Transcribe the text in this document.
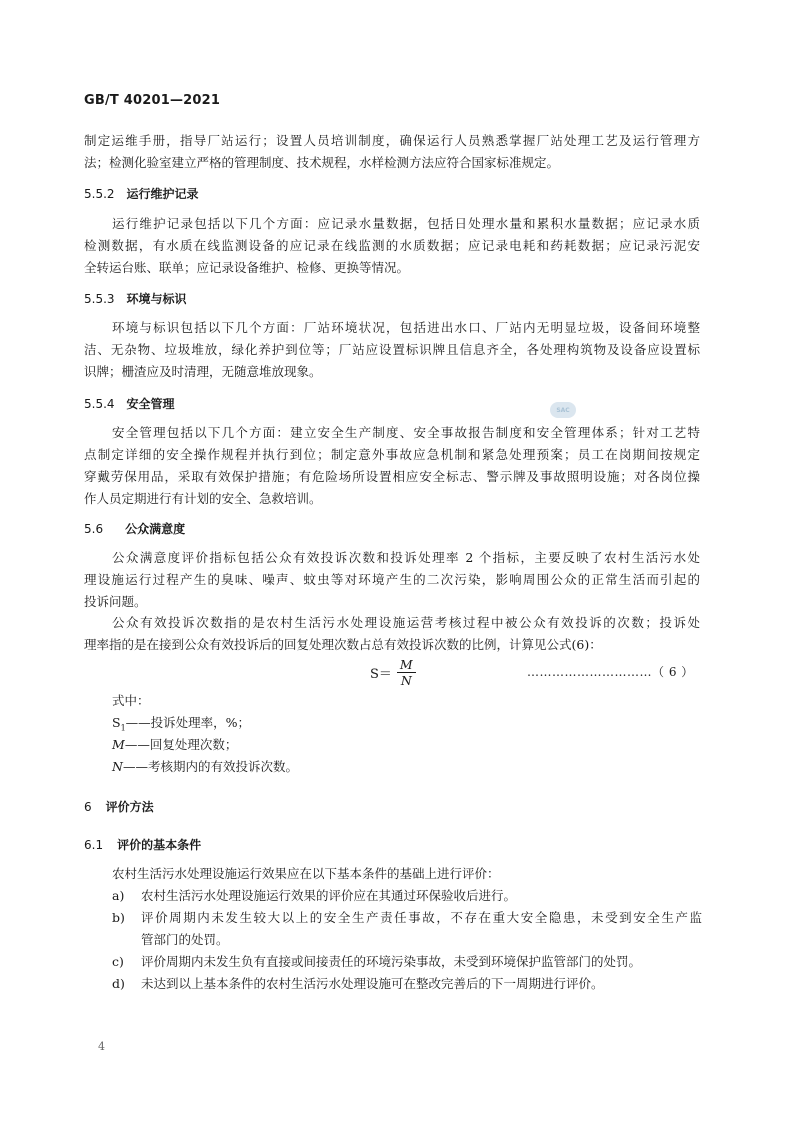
GB/T 40201—2021
制定运维手册，指导厂站运行；设置人员培训制度，确保运行人员熟悉掌握厂站处理工艺及运行管理方
法；检测化验室建立严格的管理制度、技术规程，水样检测方法应符合国家标准规定。
5.5.2 运行维护记录
运行维护记录包括以下几个方面：应记录水量数据，包括日处理水量和累积水量数据；应记录水质
检测数据，有水质在线监测设备的应记录在线监测的水质数据；应记录电耗和药耗数据；应记录污泥安
全转运台账、联单；应记录设备维护、检修、更换等情况。
5.5.3 环境与标识
环境与标识包括以下几个方面：厂站环境状况，包括进出水口、厂站内无明显垃圾，设备间环境整
洁、无杂物、垃圾堆放，绿化养护到位等；厂站应设置标识牌且信息齐全，各处理构筑物及设备应设置标
识牌；栅渣应及时清理，无随意堆放现象。
5.5.4 安全管理	SAC
安全管理包括以下几个方面：建立安全生产制度、安全事故报告制度和安全管理体系；针对工艺特
点制定详细的安全操作规程并执行到位；制定意外事故应急机制和紧急处理预案；员工在岗期间按规定
穿戴劳保用品，采取有效保护措施；有危险场所设置相应安全标志、警示牌及事故照明设施；对各岗位操
作人员定期进行有计划的安全、急救培训。
5.6 公众满意度
公众满意度评价指标包括公众有效投诉次数和投诉处理率 2 个指标，主要反映了农村生活污水处
理设施运行过程产生的臭味、噪声、蚊虫等对环境产生的二次污染，影响周围公众的正常生活而引起的
投诉问题。
公众有效投诉次数指的是农村生活污水处理设施运营考核过程中被公众有效投诉的次数；投诉处
理率指的是在接到公众有效投诉后的回复处理次数占总有效投诉次数的比例，计算见公式(6)：
$S= \frac{M}{N}$	…………………………（ 6 ）
式中：
$S_1——$投诉处理率，%；
M——回复处理次数；
N——考核期内的有效投诉次数。
6 评价方法
6.1 评价的基本条件
农村生活污水处理设施运行效果应在以下基本条件的基础上进行评价：
a) 农村生活污水处理设施运行效果的评价应在其通过环保验收后进行。
b) 评价周期内未发生较大以上的安全生产责任事故，不存在重大安全隐患，未受到安全生产监
管部门的处罚。
c) 评价周期内未发生负有直接或间接责任的环境污染事故，未受到环境保护监管部门的处罚。
d) 未达到以上基本条件的农村生活污水处理设施可在整改完善后的下一周期进行评价。
4
